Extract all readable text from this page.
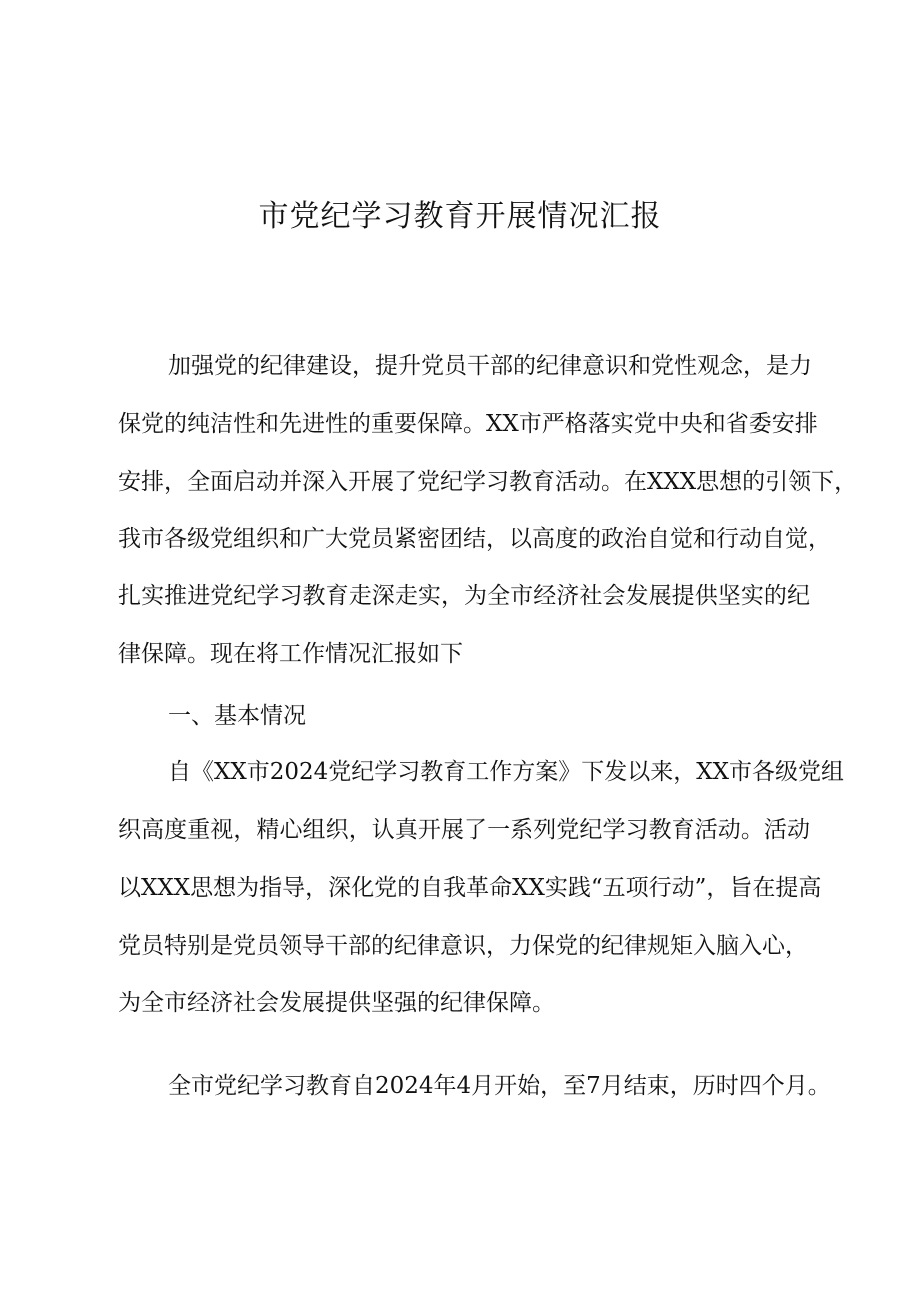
市党纪学习教育开展情况汇报
加强党的纪律建设，提升党员干部的纪律意识和党性观念，是力
保党的纯洁性和先进性的重要保障。XX市严格落实党中央和省委安排
安排，全面启动并深入开展了党纪学习教育活动。在XXX思想的引领下，
我市各级党组织和广大党员紧密团结，以高度的政治自觉和行动自觉，
扎实推进党纪学习教育走深走实，为全市经济社会发展提供坚实的纪
律保障。现在将工作情况汇报如下
一、基本情况
自《XX市2024党纪学习教育工作方案》下发以来，XX市各级党组
织高度重视，精心组织，认真开展了一系列党纪学习教育活动。活动
以XXX思想为指导，深化党的自我革命XX实践“五项行动”，旨在提高
党员特别是党员领导干部的纪律意识，力保党的纪律规矩入脑入心，
为全市经济社会发展提供坚强的纪律保障。
全市党纪学习教育自2024年4月开始，至7月结束，历时四个月。
